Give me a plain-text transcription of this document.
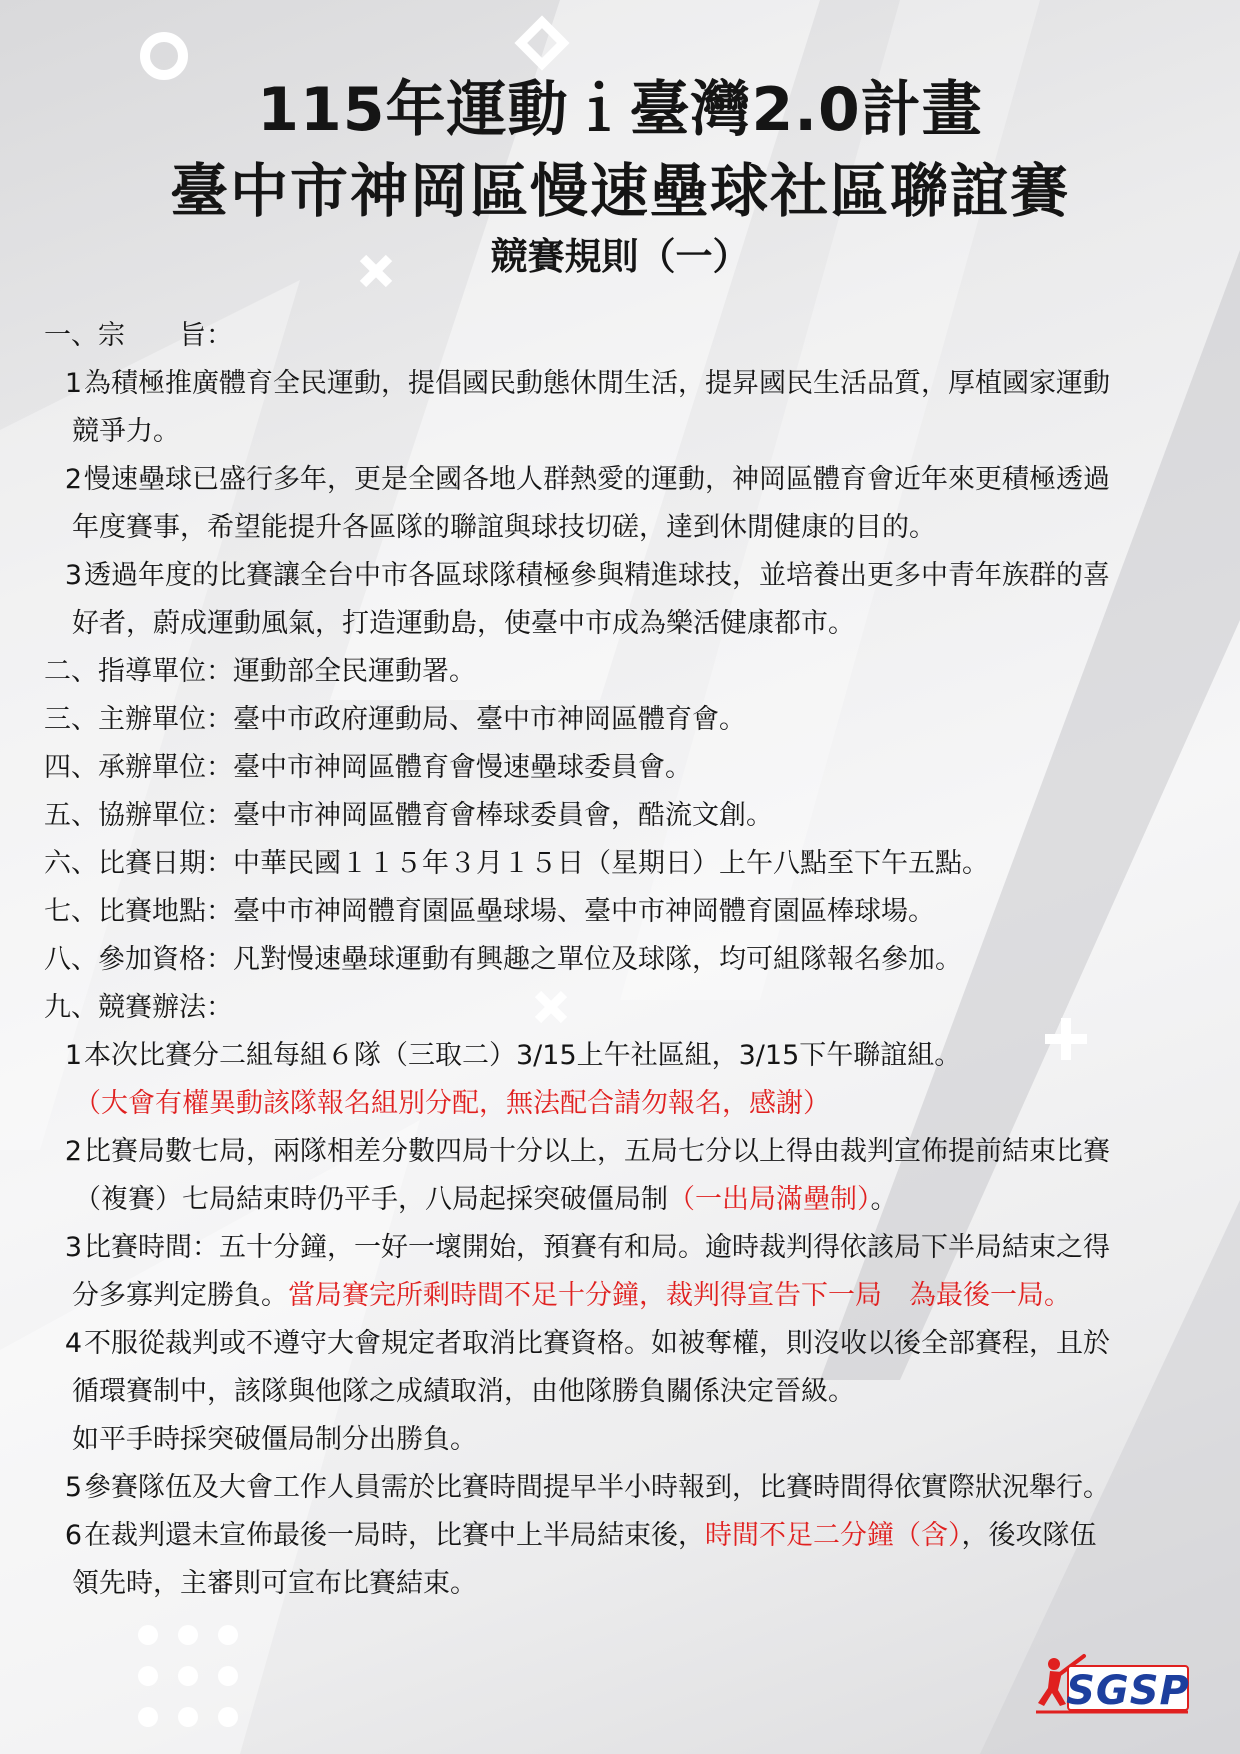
115年運動ｉ臺灣2.0計畫
臺中市神岡區慢速壘球社區聯誼賽
競賽規則（一）
一、宗　　旨：
1為積極推廣體育全民運動，提倡國民動態休閒生活，提昇國民生活品質，厚植國家運動
競爭力。
2慢速壘球已盛行多年，更是全國各地人群熱愛的運動，神岡區體育會近年來更積極透過
年度賽事，希望能提升各區隊的聯誼與球技切磋，達到休閒健康的目的。
3透過年度的比賽讓全台中市各區球隊積極參與精進球技，並培養出更多中青年族群的喜
好者，蔚成運動風氣，打造運動島，使臺中市成為樂活健康都市。
二、指導單位：運動部全民運動署。
三、主辦單位：臺中市政府運動局、臺中市神岡區體育會。
四、承辦單位：臺中市神岡區體育會慢速壘球委員會。
五、協辦單位：臺中市神岡區體育會棒球委員會，酷流文創。
六、比賽日期：中華民國１１５年３月１５日（星期日）上午八點至下午五點。
七、比賽地點：臺中市神岡體育園區壘球場、臺中市神岡體育園區棒球場。
八、參加資格：凡對慢速壘球運動有興趣之單位及球隊，均可組隊報名參加。
九、競賽辦法：
1本次比賽分二組每組６隊（三取二）3/15上午社區組，3/15下午聯誼組。
（大會有權異動該隊報名組別分配，無法配合請勿報名，感謝）
2比賽局數七局，兩隊相差分數四局十分以上，五局七分以上得由裁判宣佈提前結束比賽
（複賽）七局結束時仍平手，八局起採突破僵局制（一出局滿壘制）。
3比賽時間：五十分鐘，一好一壞開始，預賽有和局。逾時裁判得依該局下半局結束之得
分多寡判定勝負。當局賽完所剩時間不足十分鐘，裁判得宣告下一局　為最後一局。
4不服從裁判或不遵守大會規定者取消比賽資格。如被奪權，則沒收以後全部賽程，且於
循環賽制中，該隊與他隊之成績取消，由他隊勝負關係決定晉級。
如平手時採突破僵局制分出勝負。
5參賽隊伍及大會工作人員需於比賽時間提早半小時報到，比賽時間得依實際狀況舉行。
6在裁判還未宣佈最後一局時，比賽中上半局結束後，時間不足二分鐘（含），後攻隊伍
領先時，主審則可宣布比賽結束。
SGSP
